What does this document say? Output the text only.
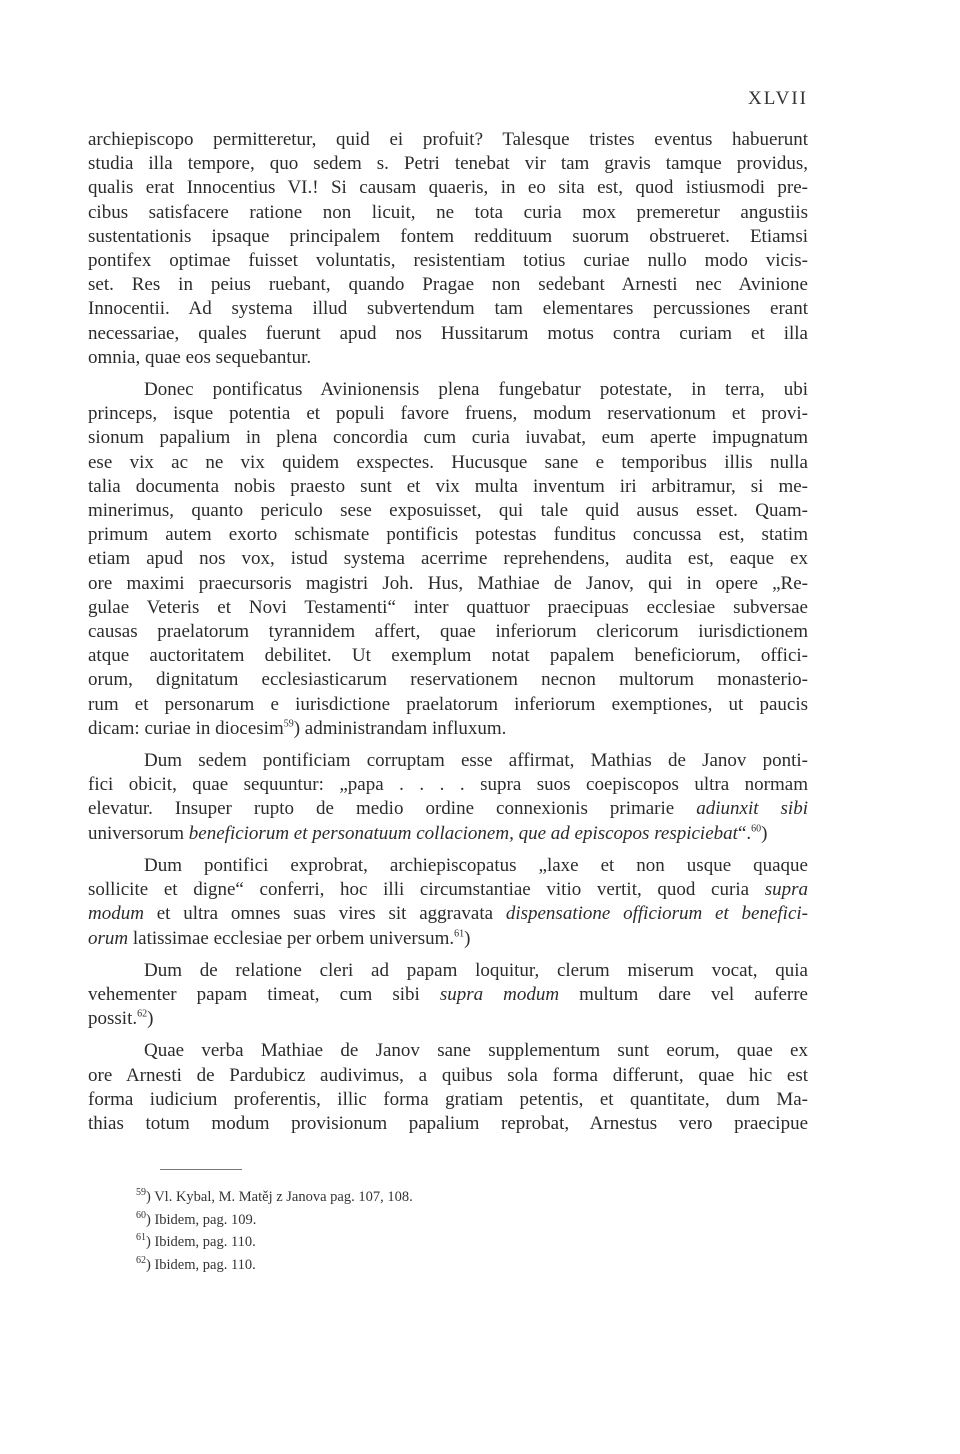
XLVII

archiepiscopo permitteretur, quid ei profuit? Talesque tristes eventus habuerunt
studia illa tempore, quo sedem s. Petri tenebat vir tam gravis tamque providus,
qualis erat Innocentius VI.! Si causam quaeris, in eo sita est, quod istiusmodi pre-
cibus satisfacere ratione non licuit, ne tota curia mox premeretur angustiis
sustentationis ipsaque principalem fontem reddituum suorum obstrueret. Etiamsi
pontifex optimae fuisset voluntatis, resistentiam totius curiae nullo modo vicis-
set. Res in peius ruebant, quando Pragae non sedebant Arnesti nec Avinione
Innocentii. Ad systema illud subvertendum tam elementares percussiones erant
necessariae, quales fuerunt apud nos Hussitarum motus contra curiam et illa
omnia, quae eos sequebantur.

Donec pontificatus Avinionensis plena fungebatur potestate, in terra, ubi
princeps, isque potentia et populi favore fruens, modum reservationum et provi-
sionum papalium in plena concordia cum curia iuvabat, eum aperte impugnatum
ese vix ac ne vix quidem exspectes. Hucusque sane e temporibus illis nulla
talia documenta nobis praesto sunt et vix multa inventum iri arbitramur, si me-
minerimus, quanto periculo sese exposuisset, qui tale quid ausus esset. Quam-
primum autem exorto schismate pontificis potestas funditus concussa est, statim
etiam apud nos vox, istud systema acerrime reprehendens, audita est, eaque ex
ore maximi praecursoris magistri Joh. Hus, Mathiae de Janov, qui in opere „Re-
gulae Veteris et Novi Testamenti“ inter quattuor praecipuas ecclesiae subversae
causas praelatorum tyrannidem affert, quae inferiorum clericorum iurisdictionem
atque auctoritatem debilitet. Ut exemplum notat papalem beneficiorum, offici-
orum, dignitatum ecclesiasticarum reservationem necnon multorum monasterio-
rum et personarum e iurisdictione praelatorum inferiorum exemptiones, ut paucis
dicam: curiae in diocesim$^{59}$) administrandam influxum.

Dum sedem pontificiam corruptam esse affirmat, Mathias de Janov ponti-
fici obicit, quae sequuntur: „papa . . . . supra suos coepiscopos ultra normam
elevatur. Insuper rupto de medio ordine connexionis primarie adiunxit sibi
universorum beneficiorum et personatuum collacionem, que ad episcopos respiciebat“.$^{60}$)

Dum pontifici exprobrat, archiepiscopatus „laxe et non usque quaque
sollicite et digne“ conferri, hoc illi circumstantiae vitio vertit, quod curia supra
modum et ultra omnes suas vires sit aggravata dispensatione officiorum et benefici-
orum latissimae ecclesiae per orbem universum.$^{61}$)

Dum de relatione cleri ad papam loquitur, clerum miserum vocat, quia
vehementer papam timeat, cum sibi supra modum multum dare vel auferre
possit.$^{62}$)

Quae verba Mathiae de Janov sane supplementum sunt eorum, quae ex
ore Arnesti de Pardubicz audivimus, a quibus sola forma differunt, quae hic est
forma iudicium proferentis, illic forma gratiam petentis, et quantitate, dum Ma-
thias totum modum provisionum papalium reprobat, Arnestus vero praecipue

$^{59}$) Vl. Kybal, M. Matěj z Janova pag. 107, 108.
$^{60}$) Ibidem, pag. 109.
$^{61}$) Ibidem, pag. 110.
$^{62}$) Ibidem, pag. 110.
